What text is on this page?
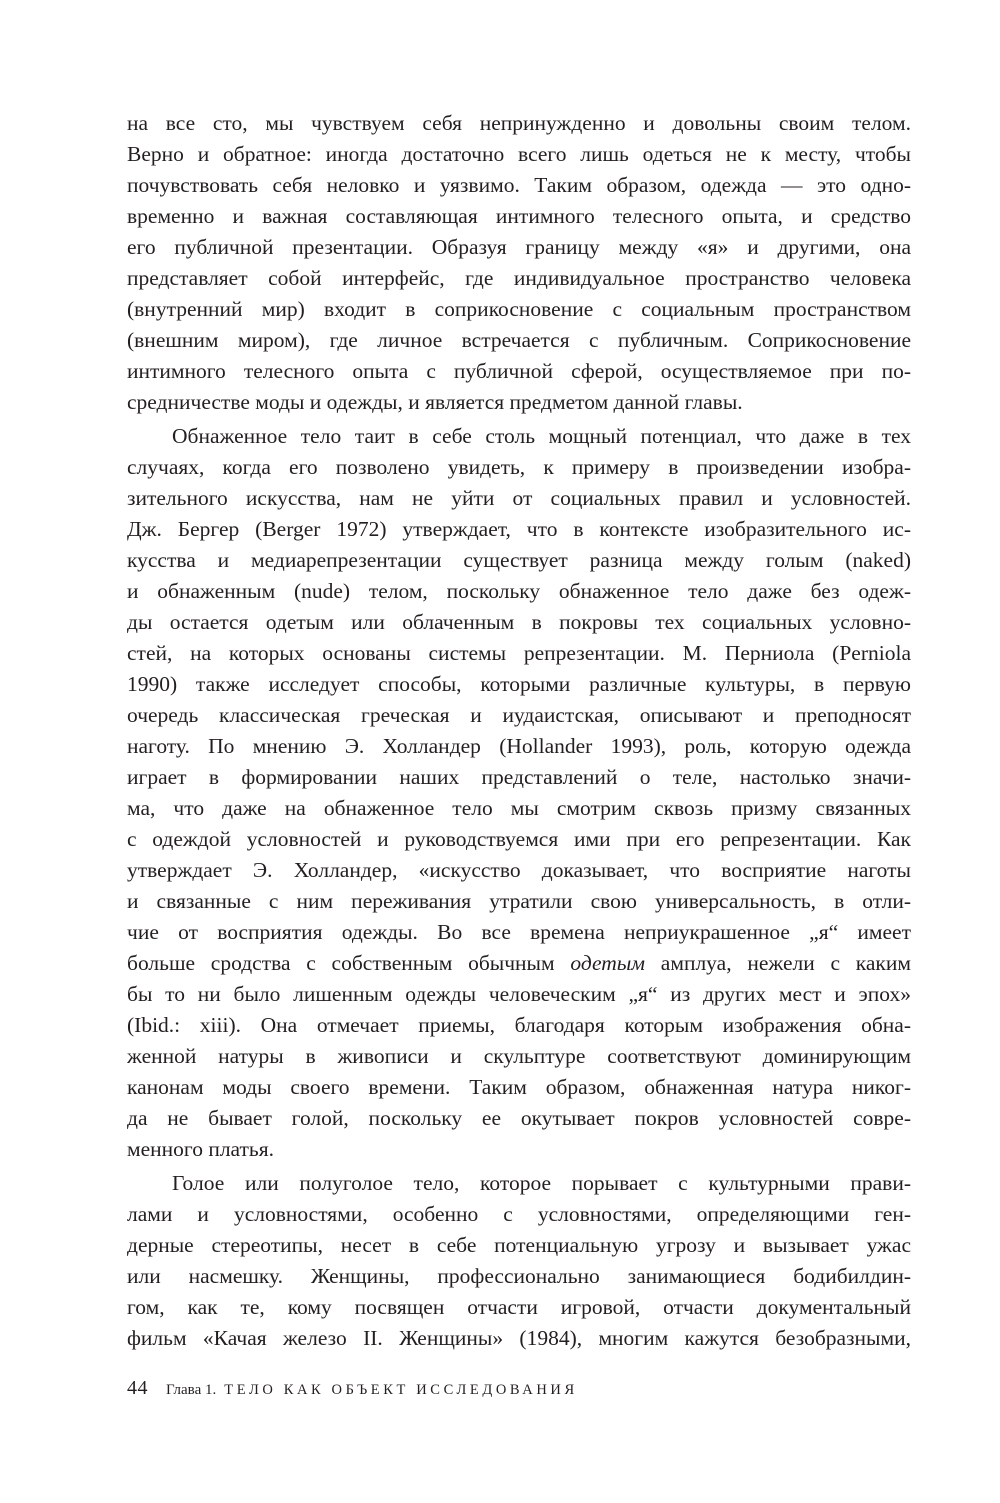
на все сто, мы чувствуем себя непринужденно и довольны своим телом.
Верно и обратное: иногда достаточно всего лишь одеться не к месту, чтобы
почувствовать себя неловко и уязвимо. Таким образом, одежда — это одно-
временно и важная составляющая интимного телесного опыта, и средство
его публичной презентации. Образуя границу между «я» и другими, она
представляет собой интерфейс, где индивидуальное пространство человека
(внутренний мир) входит в соприкосновение с социальным пространством
(внешним миром), где личное встречается с публичным. Соприкосновение
интимного телесного опыта с публичной сферой, осуществляемое при по-
средничестве моды и одежды, и является предметом данной главы.
Обнаженное тело таит в себе столь мощный потенциал, что даже в тех
случаях, когда его позволено увидеть, к примеру в произведении изобра-
зительного искусства, нам не уйти от социальных правил и условностей.
Дж. Бергер (Berger 1972) утверждает, что в контексте изобразительного ис-
кусства и медиарепрезентации существует разница между голым (naked)
и обнаженным (nude) телом, поскольку обнаженное тело даже без одеж-
ды остается одетым или облаченным в покровы тех социальных условно-
стей, на которых основаны системы репрезентации. М. Перниола (Perniola
1990) также исследует способы, которыми различные культуры, в первую
очередь классическая греческая и иудаистская, описывают и преподносят
наготу. По мнению Э. Холландер (Hollander 1993), роль, которую одежда
играет в формировании наших представлений о теле, настолько значи-
ма, что даже на обнаженное тело мы смотрим сквозь призму связанных
с одеждой условностей и руководствуемся ими при его репрезентации. Как
утверждает Э. Холландер, «искусство доказывает, что восприятие наготы
и связанные с ним переживания утратили свою универсальность, в отли-
чие от восприятия одежды. Во все времена неприукрашенное „я“ имеет
больше сродства с собственным обычным одетым амплуа, нежели с каким
бы то ни было лишенным одежды человеческим „я“ из других мест и эпох»
(Ibid.: xiii). Она отмечает приемы, благодаря которым изображения обна-
женной натуры в живописи и скульптуре соответствуют доминирующим
канонам моды своего времени. Таким образом, обнаженная натура никог-
да не бывает голой, поскольку ее окутывает покров условностей совре-
менного платья.
Голое или полуголое тело, которое порывает с культурными прави-
лами и условностями, особенно с условностями, определяющими ген-
дерные стереотипы, несет в себе потенциальную угрозу и вызывает ужас
или насмешку. Женщины, профессионально занимающиеся бодибилдин-
гом, как те, кому посвящен отчасти игровой, отчасти документальный
фильм «Качая железо II. Женщины» (1984), многим кажутся безобразными,
44 Глава 1. ТЕЛО КАК ОБЪЕКТ ИССЛЕДОВАНИЯ
